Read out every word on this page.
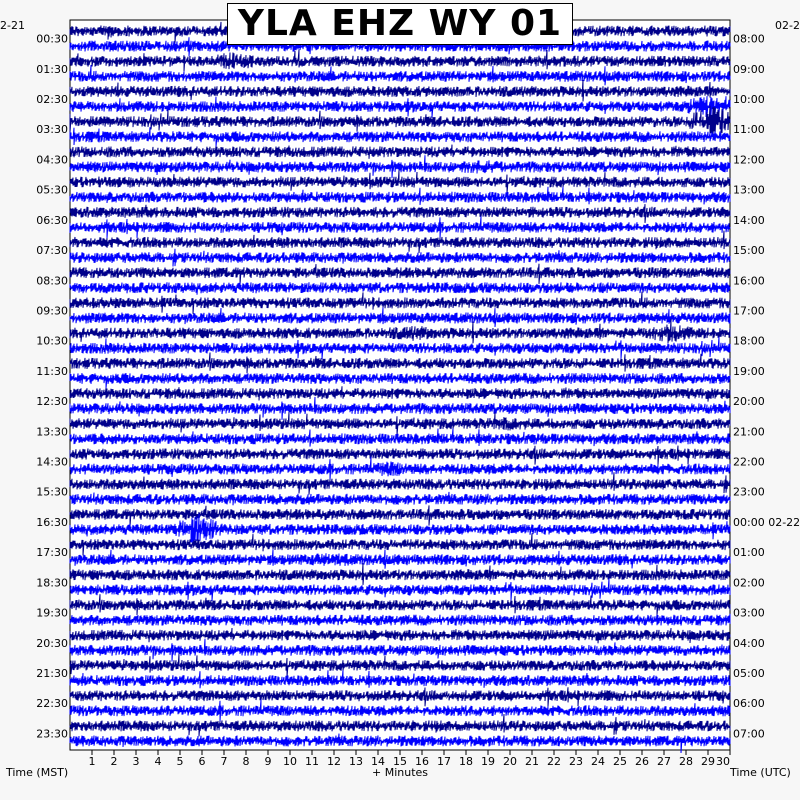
1 2 3 4 5 6 7 8 9 10 11 12 13 14 15 16 17 18 19 20 21 22 23 24 25 26 27 28 29 30
00:30
01:30
02:30
03:30
04:30
05:30
06:30
07:30
08:30
09:30
10:30
11:30
12:30
13:30
14:30
15:30
16:30
17:30
18:30
19:30
20:30
21:30
22:30
23:30
08:00
09:00
10:00
11:00
12:00
13:00
14:00
15:00
16:00
17:00
18:00
19:00
20:00
21:00
22:00
23:00
00:00 02-22
01:00
02:00
03:00
04:00
05:00
06:00
07:00
YLA EHZ WY 01
2-21	02-2
Time (MST)	+ Minutes	Time (UTC)
